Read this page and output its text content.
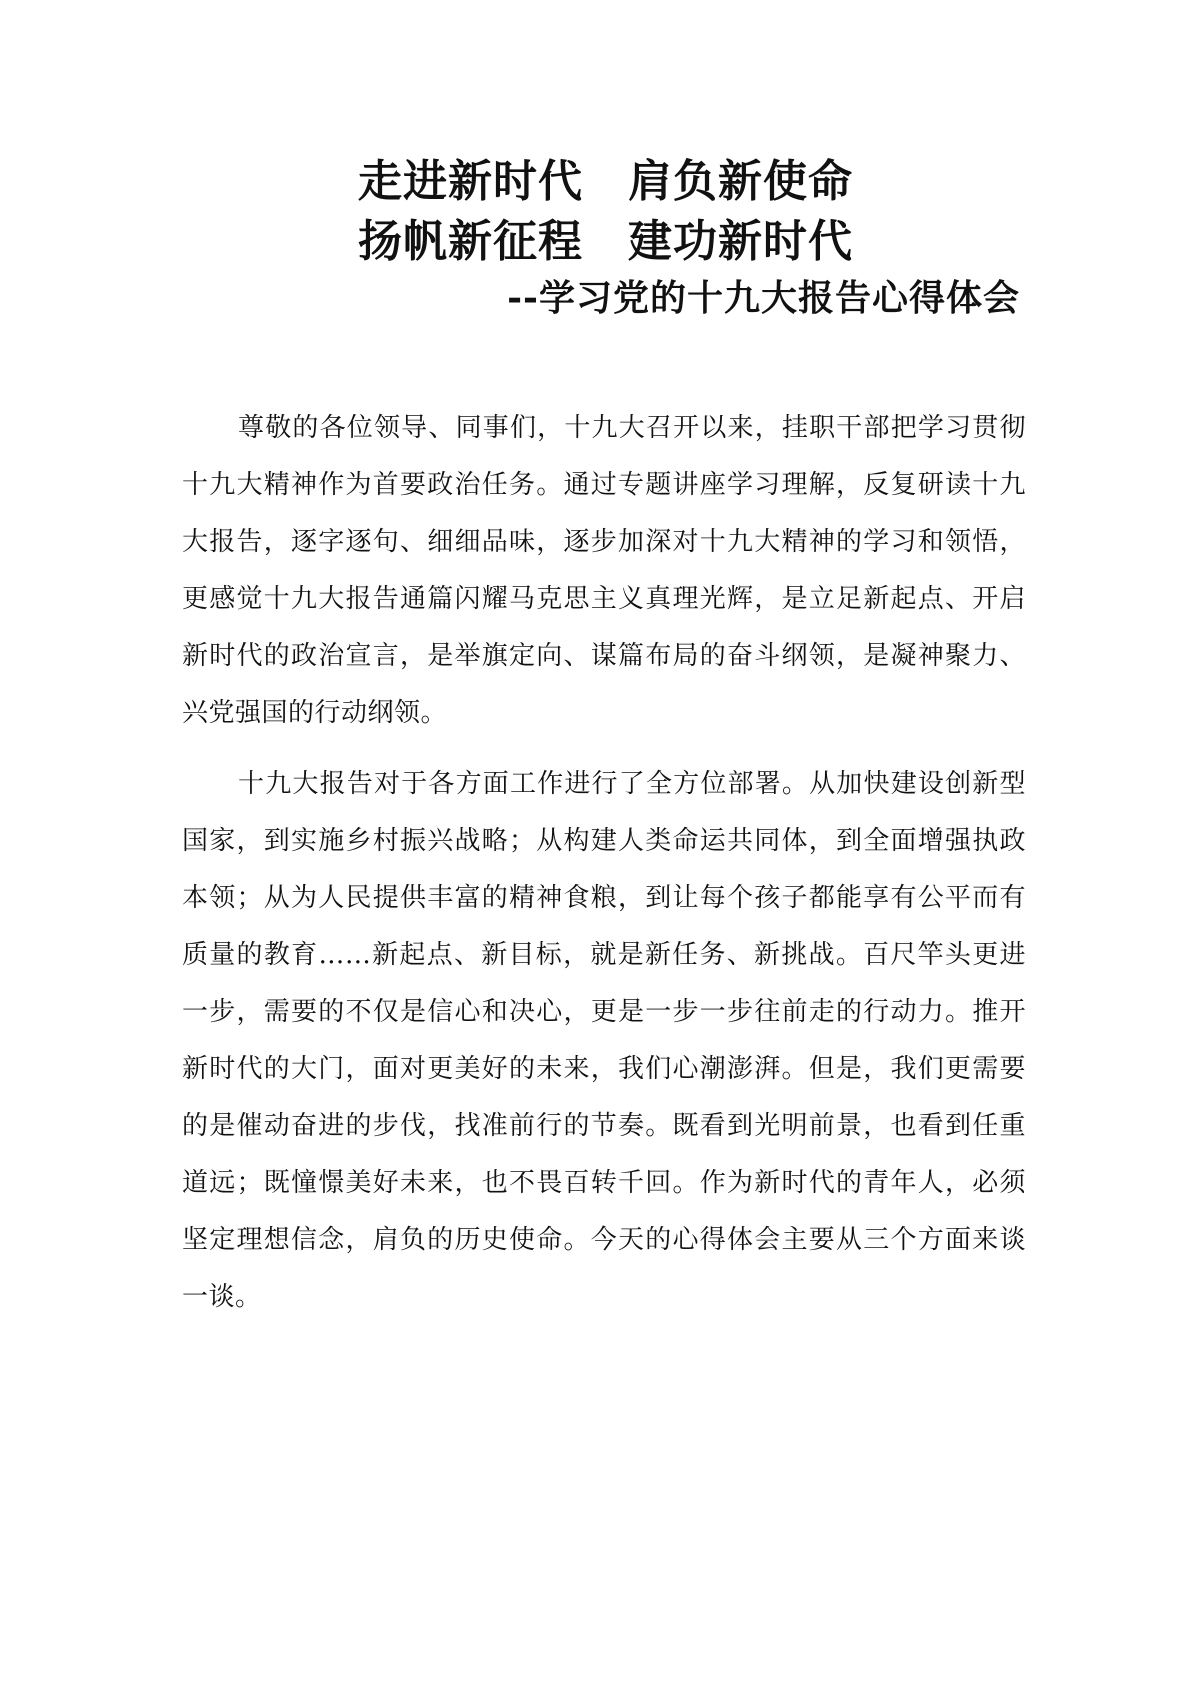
走进新时代　肩负新使命
扬帆新征程　建功新时代
--学习党的十九大报告心得体会

尊敬的各位领导、同事们，十九大召开以来，挂职干部把学习贯彻十九大精神作为首要政治任务。通过专题讲座学习理解，反复研读十九大报告，逐字逐句、细细品味，逐步加深对十九大精神的学习和领悟，更感觉十九大报告通篇闪耀马克思主义真理光辉，是立足新起点、开启新时代的政治宣言，是举旗定向、谋篇布局的奋斗纲领，是凝神聚力、兴党强国的行动纲领。

十九大报告对于各方面工作进行了全方位部署。从加快建设创新型国家，到实施乡村振兴战略；从构建人类命运共同体，到全面增强执政本领；从为人民提供丰富的精神食粮，到让每个孩子都能享有公平而有质量的教育……新起点、新目标，就是新任务、新挑战。百尺竿头更进一步，需要的不仅是信心和决心，更是一步一步往前走的行动力。推开新时代的大门，面对更美好的未来，我们心潮澎湃。但是，我们更需要的是催动奋进的步伐，找准前行的节奏。既看到光明前景，也看到任重道远；既憧憬美好未来，也不畏百转千回。作为新时代的青年人，必须坚定理想信念，肩负的历史使命。今天的心得体会主要从三个方面来谈一谈。
